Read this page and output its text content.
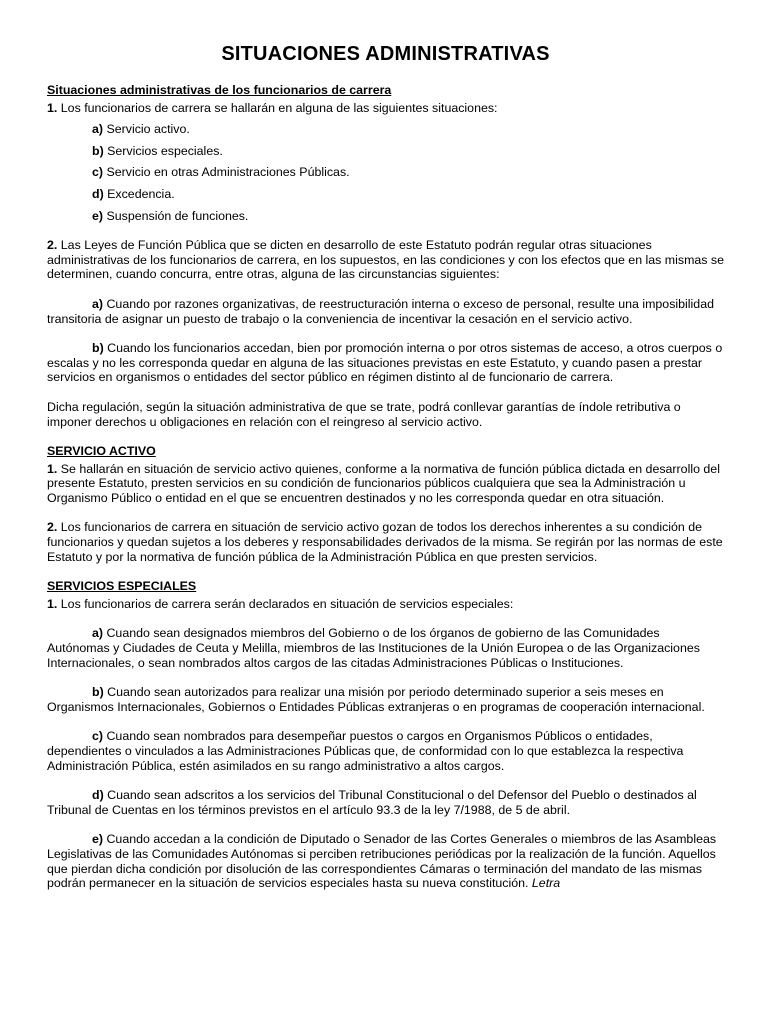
SITUACIONES ADMINISTRATIVAS

Situaciones administrativas de los funcionarios de carrera

1. Los funcionarios de carrera se hallarán en alguna de las siguientes situaciones:

a) Servicio activo.

b) Servicios especiales.

c) Servicio en otras Administraciones Públicas.

d) Excedencia.

e) Suspensión de funciones.

2. Las Leyes de Función Pública que se dicten en desarrollo de este Estatuto podrán regular otras situaciones administrativas de los funcionarios de carrera, en los supuestos, en las condiciones y con los efectos que en las mismas se determinen, cuando concurra, entre otras, alguna de las circunstancias siguientes:

a) Cuando por razones organizativas, de reestructuración interna o exceso de personal, resulte una imposibilidad transitoria de asignar un puesto de trabajo o la conveniencia de incentivar la cesación en el servicio activo.

b) Cuando los funcionarios accedan, bien por promoción interna o por otros sistemas de acceso, a otros cuerpos o escalas y no les corresponda quedar en alguna de las situaciones previstas en este Estatuto, y cuando pasen a prestar servicios en organismos o entidades del sector público en régimen distinto al de funcionario de carrera.

Dicha regulación, según la situación administrativa de que se trate, podrá conllevar garantías de índole retributiva o imponer derechos u obligaciones en relación con el reingreso al servicio activo.

SERVICIO ACTIVO

1. Se hallarán en situación de servicio activo quienes, conforme a la normativa de función pública dictada en desarrollo del presente Estatuto, presten servicios en su condición de funcionarios públicos cualquiera que sea la Administración u Organismo Público o entidad en el que se encuentren destinados y no les corresponda quedar en otra situación.

2. Los funcionarios de carrera en situación de servicio activo gozan de todos los derechos inherentes a su condición de funcionarios y quedan sujetos a los deberes y responsabilidades derivados de la misma. Se regirán por las normas de este Estatuto y por la normativa de función pública de la Administración Pública en que presten servicios.

SERVICIOS ESPECIALES

1. Los funcionarios de carrera serán declarados en situación de servicios especiales:

a) Cuando sean designados miembros del Gobierno o de los órganos de gobierno de las Comunidades Autónomas y Ciudades de Ceuta y Melilla, miembros de las Instituciones de la Unión Europea o de las Organizaciones Internacionales, o sean nombrados altos cargos de las citadas Administraciones Públicas o Instituciones.

b) Cuando sean autorizados para realizar una misión por periodo determinado superior a seis meses en Organismos Internacionales, Gobiernos o Entidades Públicas extranjeras o en programas de cooperación internacional.

c) Cuando sean nombrados para desempeñar puestos o cargos en Organismos Públicos o entidades, dependientes o vinculados a las Administraciones Públicas que, de conformidad con lo que establezca la respectiva Administración Pública, estén asimilados en su rango administrativo a altos cargos.

d) Cuando sean adscritos a los servicios del Tribunal Constitucional o del Defensor del Pueblo o destinados al Tribunal de Cuentas en los términos previstos en el artículo 93.3 de la ley 7/1988, de 5 de abril.

e) Cuando accedan a la condición de Diputado o Senador de las Cortes Generales o miembros de las Asambleas Legislativas de las Comunidades Autónomas si perciben retribuciones periódicas por la realización de la función. Aquellos que pierdan dicha condición por disolución de las correspondientes Cámaras o terminación del mandato de las mismas podrán permanecer en la situación de servicios especiales hasta su nueva constitución. Letra
